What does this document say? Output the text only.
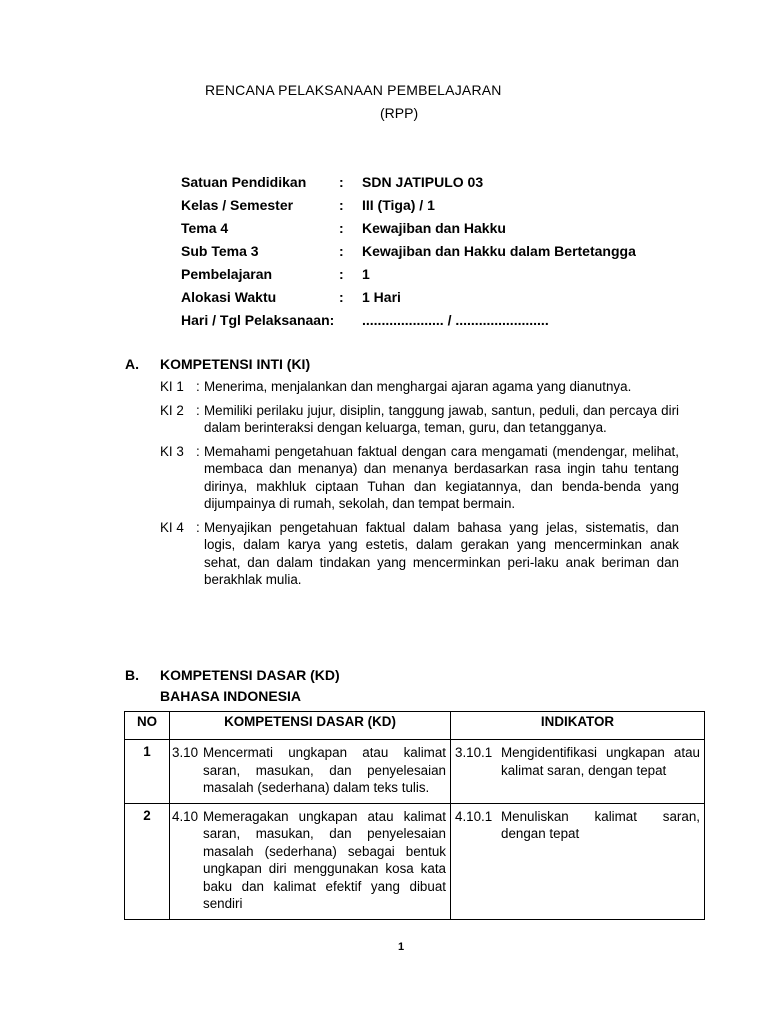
RENCANA PELAKSANAAN PEMBELAJARAN
(RPP)
Satuan Pendidikan : SDN JATIPULO 03
Kelas / Semester	: III (Tiga) / 1
Tema 4	: Kewajiban dan Hakku
Sub Tema 3	: Kewajiban dan Hakku dalam Bertetangga
Pembelajaran	: 1
Alokasi Waktu	: 1 Hari
Hari / Tgl Pelaksanaan: ..................... / ........................
A. KOMPETENSI INTI (KI)
KI 1 : Menerima, menjalankan dan menghargai ajaran agama yang dianutnya.
KI 2 : Memiliki perilaku jujur, disiplin, tanggung jawab, santun, peduli, dan percaya diri dalam berinteraksi dengan keluarga, teman, guru, dan tetangganya.
KI 3 : Memahami pengetahuan faktual dengan cara mengamati (mendengar, melihat, membaca dan menanya) dan menanya berdasarkan rasa ingin tahu tentang dirinya, makhluk ciptaan Tuhan dan kegiatannya, dan benda-benda yang dijumpainya di rumah, sekolah, dan tempat bermain.
KI 4 : Menyajikan pengetahuan faktual dalam bahasa yang jelas, sistematis, dan logis, dalam karya yang estetis, dalam gerakan yang mencerminkan anak sehat, dan dalam tindakan yang mencerminkan peri-laku anak beriman dan berakhlak mulia.
B. KOMPETENSI DASAR (KD)
BAHASA INDONESIA
NO	KOMPETENSI DASAR (KD)	INDIKATOR
1	3.10 Mencermati ungkapan atau kalimat saran, masukan, dan penyelesaian masalah (sederhana) dalam teks tulis.	3.10.1 Mengidentifikasi ungkapan atau kalimat saran, dengan tepat

2	4.10 Memeragakan ungkapan atau kalimat saran, masukan, dan penyelesaian masalah (sederhana) sebagai bentuk ungkapan diri menggunakan kosa kata baku dan kalimat efektif yang dibuat sendiri	4.10.1 Menuliskan kalimat saran, dengan tepat
1
